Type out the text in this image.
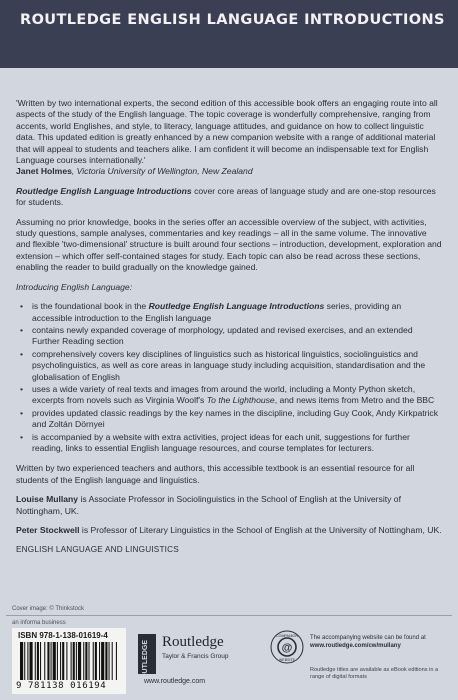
ROUTLEDGE ENGLISH LANGUAGE INTRODUCTIONS

'Written by two international experts, the second edition of this accessible book offers an engaging route into all aspects of the study of the English language. The topic coverage is wonderfully comprehensive, ranging from accents, world Englishes, and style, to literacy, language attitudes, and guidance on how to collect linguistic data. This updated edition is greatly enhanced by a new companion website with a range of additional material that will appeal to students and teachers alike. I am confident it will become an indispensable text for English Language courses internationally.'
Janet Holmes, Victoria University of Wellington, New Zealand

Routledge English Language Introductions cover core areas of language study and are one-stop resources for students.

Assuming no prior knowledge, books in the series offer an accessible overview of the subject, with activities, study questions, sample analyses, commentaries and key readings – all in the same volume. The innovative and flexible 'two-dimensional' structure is built around four sections – introduction, development, exploration and extension – which offer self-contained stages for study. Each topic can also be read across these sections, enabling the reader to build gradually on the knowledge gained.

Introducing English Language:

• is the foundational book in the Routledge English Language Introductions series, providing an accessible introduction to the English language
• contains newly expanded coverage of morphology, updated and revised exercises, and an extended Further Reading section
• comprehensively covers key disciplines of linguistics such as historical linguistics, sociolinguistics and psycholinguistics, as well as core areas in language study including acquisition, standardisation and the globalisation of English
• uses a wide variety of real texts and images from around the world, including a Monty Python sketch, excerpts from novels such as Virginia Woolf's To the Lighthouse, and news items from Metro and the BBC
• provides updated classic readings by the key names in the discipline, including Guy Cook, Andy Kirkpatrick and Zoltán Dörnyei
• is accompanied by a website with extra activities, project ideas for each unit, suggestions for further reading, links to essential English language resources, and course templates for lecturers.

Written by two experienced teachers and authors, this accessible textbook is an essential resource for all students of the English language and linguistics.

Louise Mullany is Associate Professor in Sociolinguistics in the School of English at the University of Nottingham, UK.

Peter Stockwell is Professor of Literary Linguistics in the School of English at the University of Nottingham, UK.

ENGLISH LANGUAGE AND LINGUISTICS

Cover image: © Thinkstock
an informa business
ISBN 978-1-138-01619-4
9 781138 016194
ROUTLEDGE Routledge
Taylor & Francis Group
www.routledge.com
@
COMPANION
WEBSITE
The accompanying website can be found at
www.routledge.com/cw/mullany
Routledge titles are available as eBook editions in a range of digital formats
